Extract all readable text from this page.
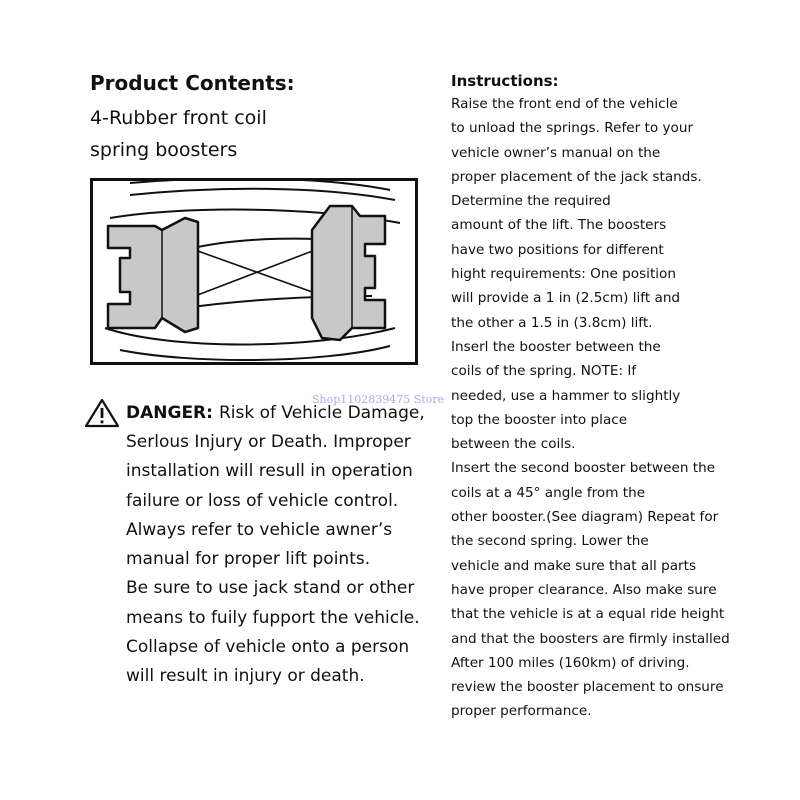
Product Contents:
4-Rubber front coil
spring boosters
DANGER: Risk of Vehicle Damage,
Serlous Injury or Death. Improper
installation will resull in operation
failure or loss of vehicle control.
Always refer to vehicle awner’s
manual for proper lift points.
Be sure to use jack stand or other
means to fuily fupport the vehicle.
Collapse of vehicle onto a person
will result in injury or death.
Instructions:
Raise the front end of the vehicle
to unload the springs. Refer to your
vehicle owner’s manual on the
proper placement of the jack stands.
Determine the required
amount of the lift. The boosters
have two positions for different
hight requirements: One position
will provide a 1 in (2.5cm) lift and
the other a 1.5 in (3.8cm) lift.
Inserl the booster between the
coils of the spring. NOTE: If
needed, use a hammer to slightly
top the booster into place
between the coils.
Insert the second booster between the
coils at a 45° angle from the
other booster.(See diagram) Repeat for
the second spring. Lower the
vehicle and make sure that all parts
have proper clearance. Also make sure
that the vehicle is at a equal ride height
and that the boosters are firmly installed
After 100 miles (160km) of driving.
review the booster placement to onsure
proper performance.
Shop1102839475 Store
